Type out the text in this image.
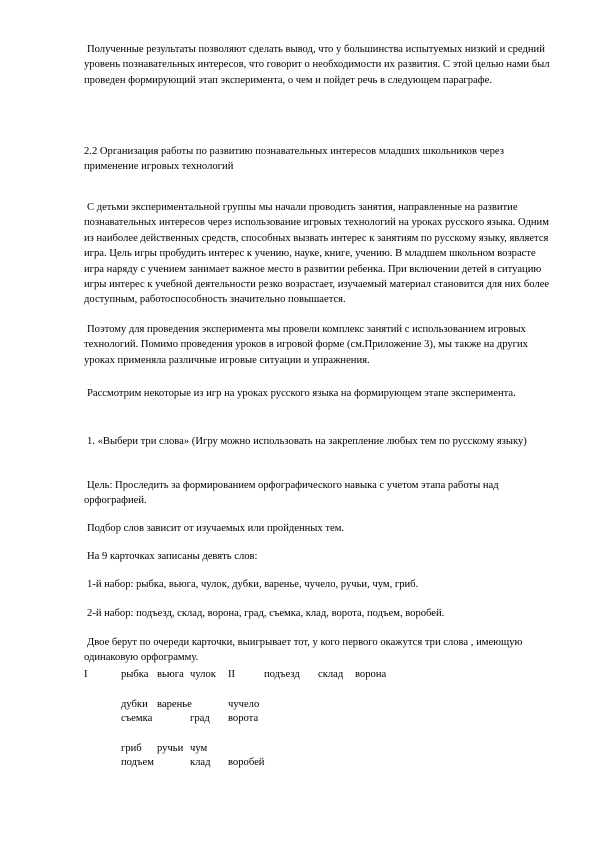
Полученные результаты позволяют сделать вывод, что у большинства испытуемых низкий и средний уровень познавательных интересов, что говорит о необходимости их развития. С этой целью нами был проведен формирующий этап эксперимента, о чем и пойдет речь в следующем параграфе.

2.2 Организация работы по развитию познавательных интересов младших школьников через применение игровых технологий

С детьми экспериментальной группы мы начали проводить занятия, направленные на развитие познавательных интересов через использование игровых технологий на уроках русского языка. Одним из наиболее действенных средств, способных вызвать интерес к занятиям по русскому языку, является игра. Цель игры пробудить интерес к учению, науке, книге, учению. В младшем школьном возрасте игра наряду с учением занимает важное место в развитии ребенка. При включении детей в ситуацию игры интерес к учебной деятельности резко возрастает, изучаемый материал становится для них более доступным, работоспособность значительно повышается.

Поэтому для проведения эксперимента мы провели комплекс занятий с использованием игровых технологий. Помимо проведения уроков в игровой форме (см.Приложение 3), мы также на других уроках применяла различные игровые ситуации и упражнения.

Рассмотрим некоторые из игр на уроках русского языка на формирующем этапе эксперимента.

1. «Выбери три слова» (Игру можно использовать на закрепление любых тем по русскому языку)

Цель: Проследить за формированием орфографического навыка с учетом этапа работы над орфографией.

Подбор слов зависит от изучаемых или пройденных тем.

На 9 карточках записаны девять слов:

1-й набор: рыбка, вьюга, чулок, дубки, варенье, чучело, ручьи, чум, гриб.

2-й набор: подъезд, склад, ворона, град, съемка, клад, ворота, подъем, воробей.

Двое берут по очереди карточки, выигрывает тот, у кого первого окажутся три слова , имеющую одинаковую орфограмму.

I	рыбка вьюга чулок II	подъезд склад ворона
дубки варенье	чучело
съемка	град ворота
гриб ручьи чум
подъем	клад воробей
